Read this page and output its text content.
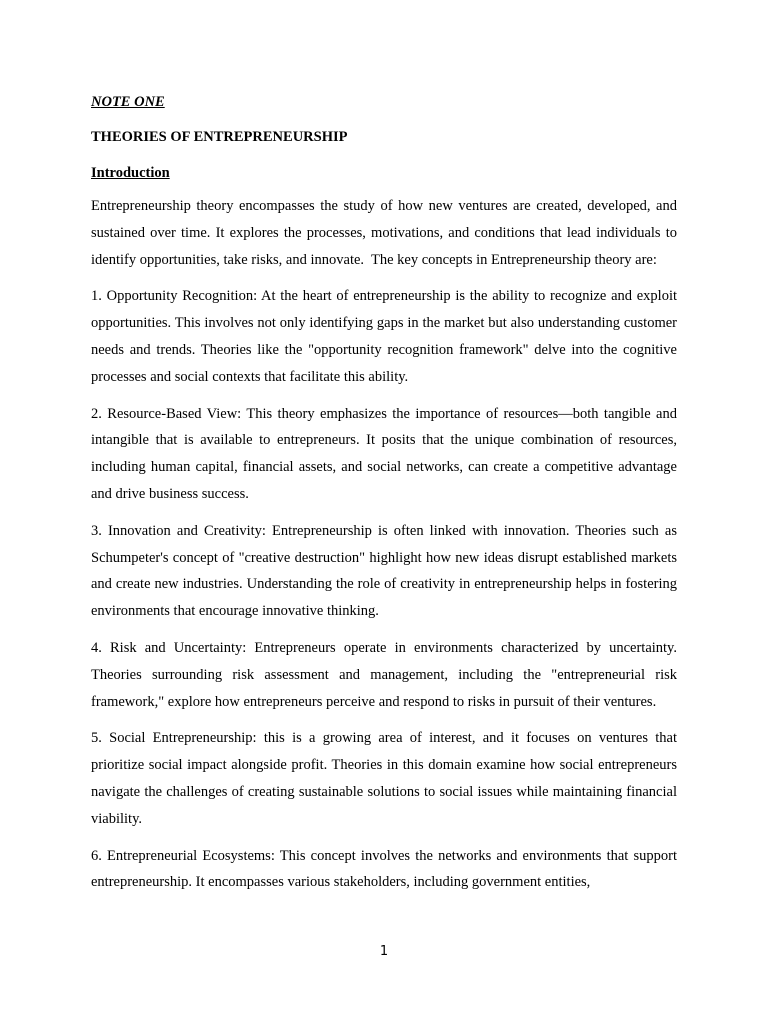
NOTE ONE

THEORIES OF ENTREPRENEURSHIP

Introduction

Entrepreneurship theory encompasses the study of how new ventures are created, developed, and sustained over time. It explores the processes, motivations, and conditions that lead individuals to identify opportunities, take risks, and innovate.  The key concepts in Entrepreneurship theory are:

1. Opportunity Recognition: At the heart of entrepreneurship is the ability to recognize and exploit opportunities. This involves not only identifying gaps in the market but also understanding customer needs and trends. Theories like the "opportunity recognition framework" delve into the cognitive processes and social contexts that facilitate this ability.

2. Resource-Based View: This theory emphasizes the importance of resources—both tangible and intangible that is available to entrepreneurs. It posits that the unique combination of resources, including human capital, financial assets, and social networks, can create a competitive advantage and drive business success.

3. Innovation and Creativity: Entrepreneurship is often linked with innovation. Theories such as Schumpeter's concept of "creative destruction" highlight how new ideas disrupt established markets and create new industries. Understanding the role of creativity in entrepreneurship helps in fostering environments that encourage innovative thinking.

4. Risk and Uncertainty: Entrepreneurs operate in environments characterized by uncertainty. Theories surrounding risk assessment and management, including the "entrepreneurial risk framework," explore how entrepreneurs perceive and respond to risks in pursuit of their ventures.

5. Social Entrepreneurship: this is a growing area of interest, and it focuses on ventures that prioritize social impact alongside profit. Theories in this domain examine how social entrepreneurs navigate the challenges of creating sustainable solutions to social issues while maintaining financial viability.

6. Entrepreneurial Ecosystems: This concept involves the networks and environments that support entrepreneurship. It encompasses various stakeholders, including government entities,

1
